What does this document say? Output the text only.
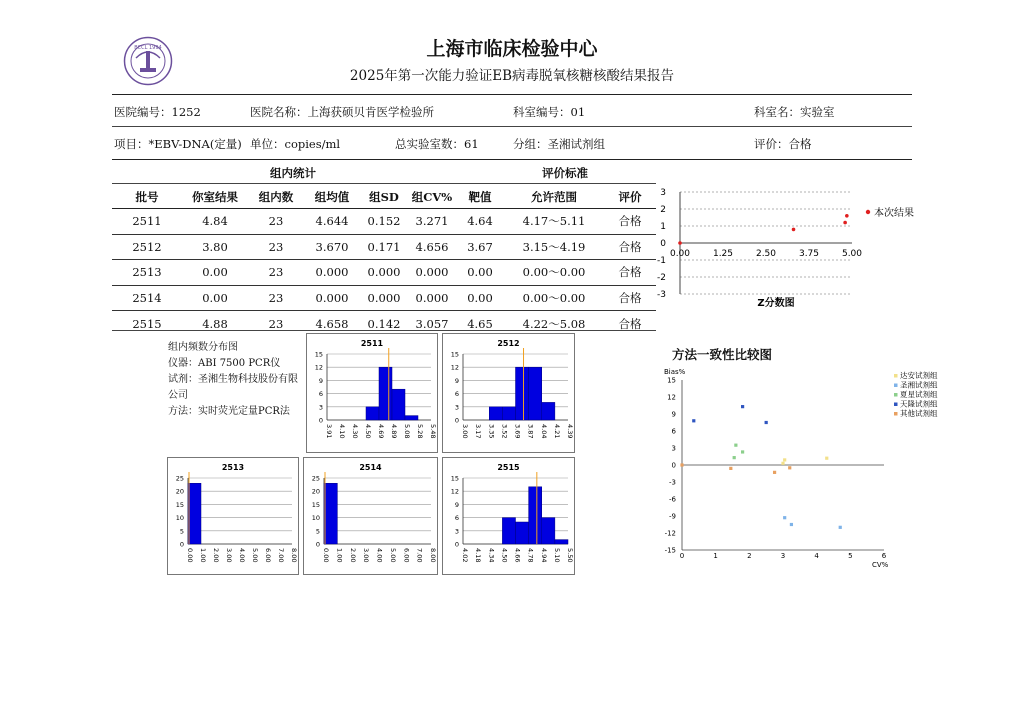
BCCL 1994	上海市临床检验中心
2025年第一次能力验证EB病毒脱氧核糖核酸结果报告
医院编号：1252	医院名称：上海获硕贝肯医学检验所	科室编号：01	科室名：实验室
项目：*EBV-DNA(定量) 单位：copies/ml	总实验室数：61	分组：圣湘试剂组	评价：合格
组内统计	评价标准
批号	你室结果	组内数	组均值	组SD	组CV%	靶值	允许范围	评价
2511	4.84	23	4.644	0.152	3.271	4.64	4.17～5.11	合格
2512	3.80	23	3.670	0.171	4.656	3.67	3.15～4.19	合格
2513	0.00	23	0.000	0.000	0.000	0.00	0.00～0.00	合格
2514	0.00	23	0.000	0.000	0.000	0.00	0.00～0.00	合格
2515	4.88	23	4.658	0.142	3.057	4.65	4.22～5.08	合格
3
2
1
0
-1
-2
-3
0.00	1.25	2.50	3.75	5.00
本次结果
Z分数图
组内频数分布图
仪器：ABI 7500 PCR仪
试剂：圣湘生物科技股份有限
公司
方法：实时荧光定量PCR法
2511
15
12
9
6
3
0
3.91 4.10 4.30 4.50 4.69 4.89 5.08 5.28 5.48
2512
15
12
9
6
3
0
3.00 3.17 3.35 3.52 3.69 3.87 4.04 4.21 4.39
2513
25
20
15
10
5
0
0.00 1.00 2.00 3.00 4.00 5.00 6.00 7.00 8.00
2514
25
20
15
10
5
0
0.00 1.00 2.00 3.00 4.00 5.00 6.00 7.00 8.00
2515
15
12
9
6
3
0
4.02 4.18 4.34 4.50 4.66 4.78 4.94 5.10 5.50
方法一致性比较图
Bias%
15
12
9
6
3
0
-3
-6
-9
-12
-15
0	1	2	3	4	5	6
CV%
达安试剂组
圣湘试剂组
夏星试剂组
天隆试剂组
其他试剂组
